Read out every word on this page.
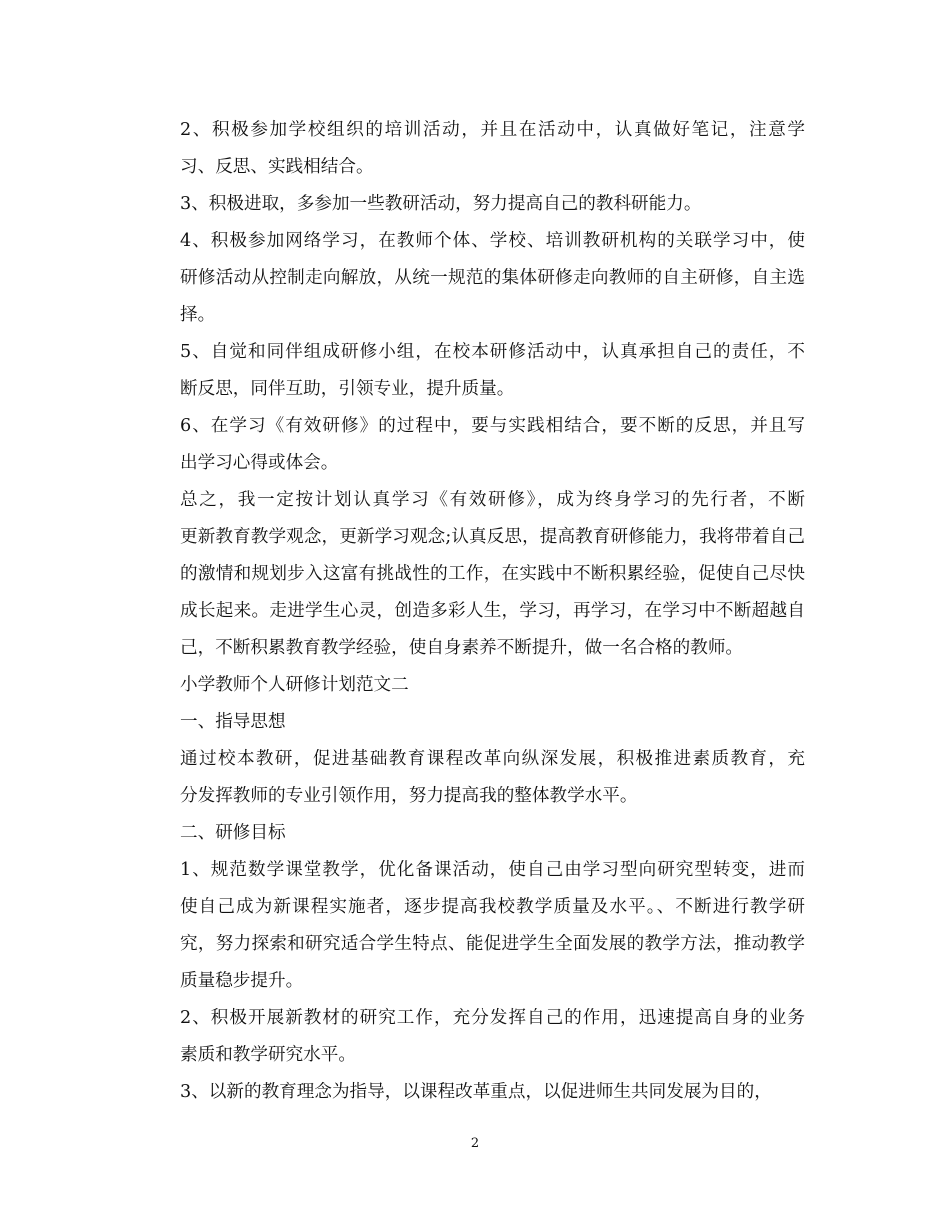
2、积极参加学校组织的培训活动，并且在活动中，认真做好笔记，注意学
习、反思、实践相结合。

3、积极进取，多参加一些教研活动，努力提高自己的教科研能力。

4、积极参加网络学习，在教师个体、学校、培训教研机构的关联学习中，使
研修活动从控制走向解放，从统一规范的集体研修走向教师的自主研修，自主选
择。

5、自觉和同伴组成研修小组，在校本研修活动中，认真承担自己的责任，不
断反思，同伴互助，引领专业，提升质量。

6、在学习《有效研修》的过程中，要与实践相结合，要不断的反思，并且写
出学习心得或体会。

总之，我一定按计划认真学习《有效研修》，成为终身学习的先行者，不断
更新教育教学观念，更新学习观念;认真反思，提高教育研修能力，我将带着自己
的激情和规划步入这富有挑战性的工作，在实践中不断积累经验，促使自己尽快
成长起来。走进学生心灵，创造多彩人生，学习，再学习，在学习中不断超越自
己，不断积累教育教学经验，使自身素养不断提升，做一名合格的教师。

小学教师个人研修计划范文二

一、指导思想

通过校本教研，促进基础教育课程改革向纵深发展，积极推进素质教育，充
分发挥教师的专业引领作用，努力提高我的整体教学水平。

二、研修目标

1、规范数学课堂教学，优化备课活动，使自己由学习型向研究型转变，进而
使自己成为新课程实施者，逐步提高我校教学质量及水平。、不断进行教学研
究，努力探索和研究适合学生特点、能促进学生全面发展的教学方法，推动教学
质量稳步提升。

2、积极开展新教材的研究工作，充分发挥自己的作用，迅速提高自身的业务
素质和教学研究水平。

3、以新的教育理念为指导，以课程改革重点，以促进师生共同发展为目的，

2
